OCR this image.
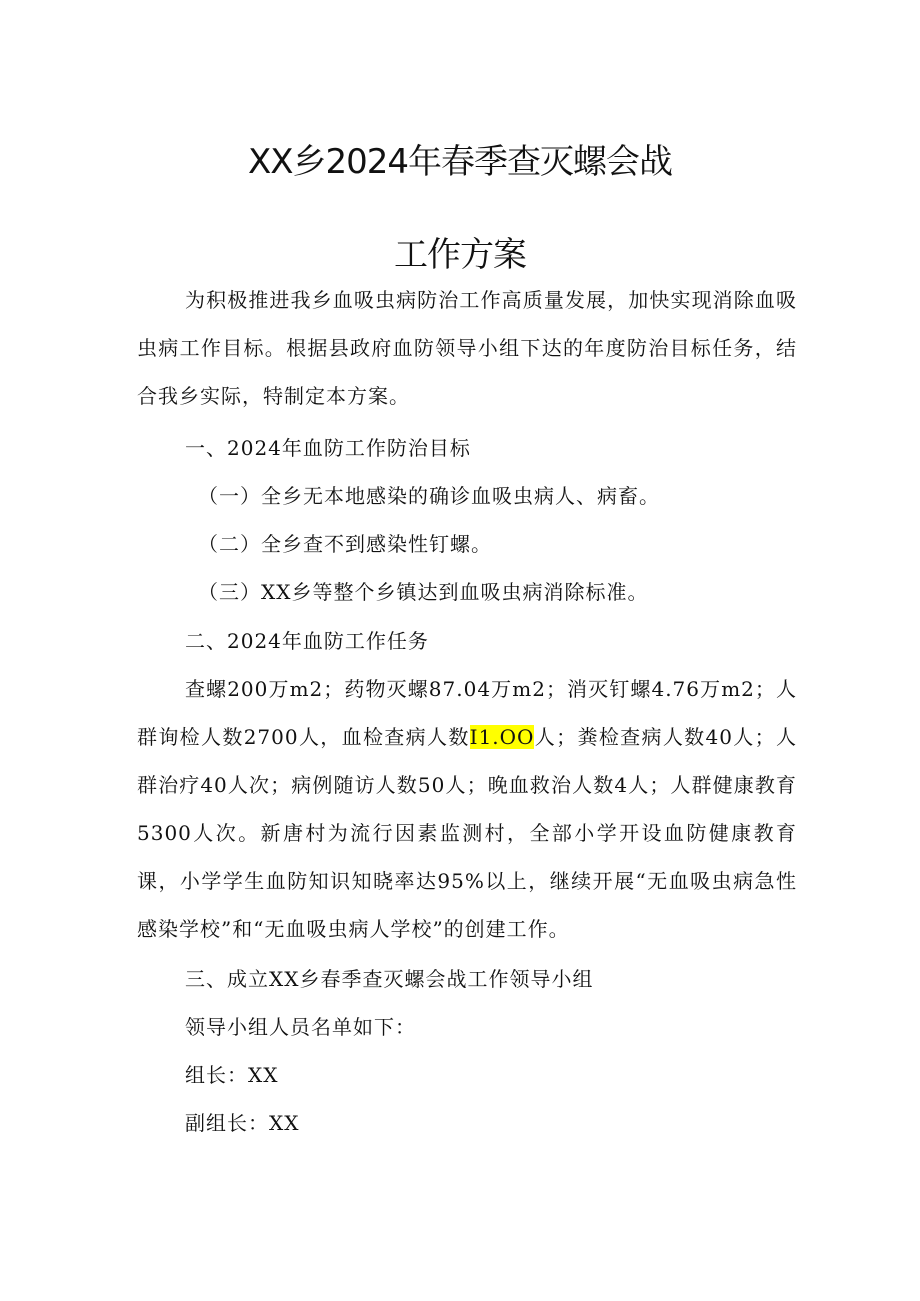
XX乡2024年春季查灭螺会战
工作方案

为积极推进我乡血吸虫病防治工作高质量发展，加快实现消除血吸虫病工作目标。根据县政府血防领导小组下达的年度防治目标任务，结合我乡实际，特制定本方案。

一、2024年血防工作防治目标

（一）全乡无本地感染的确诊血吸虫病人、病畜。

（二）全乡查不到感染性钉螺。

（三）XX乡等整个乡镇达到血吸虫病消除标准。

二、2024年血防工作任务

查螺200万m2；药物灭螺87.04万m2；消灭钉螺4.76万m2；人群询检人数2700人，血检查病人数I1.OO人；粪检查病人数40人；人群治疗40人次；病例随访人数50人；晚血救治人数4人；人群健康教育5300人次。新唐村为流行因素监测村，全部小学开设血防健康教育课，小学学生血防知识知晓率达95%以上，继续开展“无血吸虫病急性感染学校”和“无血吸虫病人学校”的创建工作。

三、成立XX乡春季查灭螺会战工作领导小组

领导小组人员名单如下：

组长：XX

副组长：XX
